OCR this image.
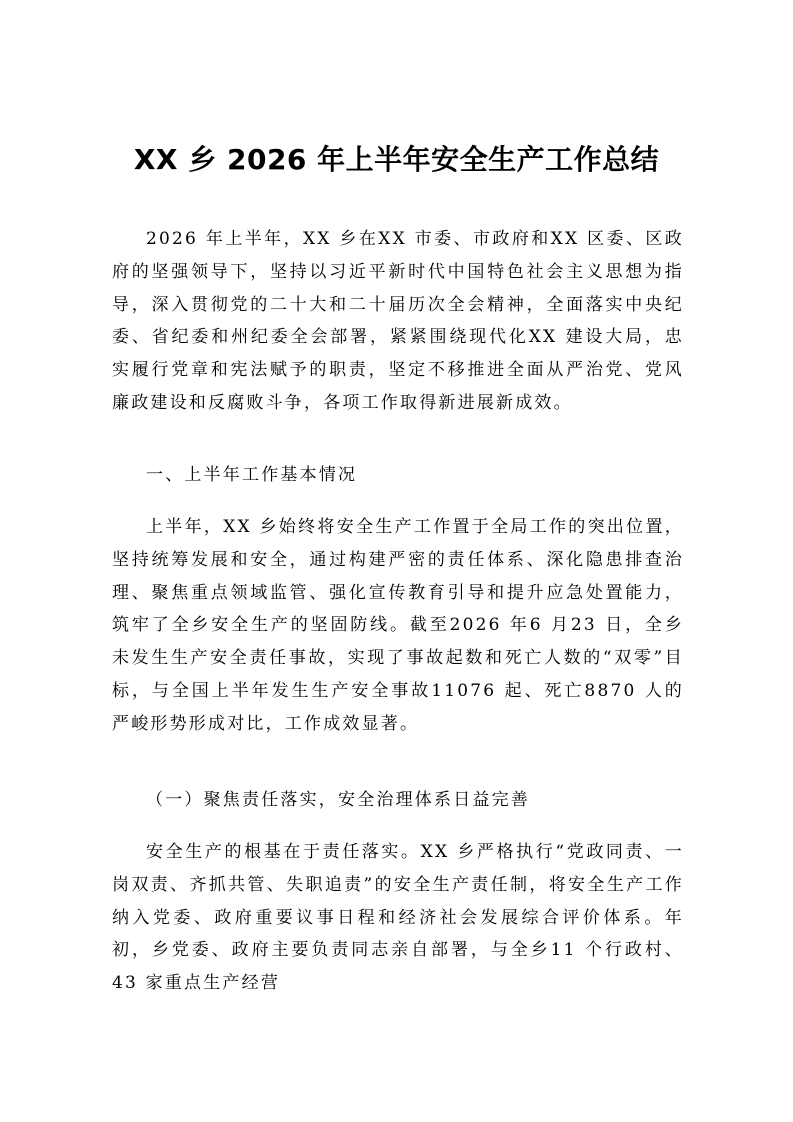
XX 乡 2026 年上半年安全生产工作总结

2026 年上半年，XX 乡在XX 市委、市政府和XX 区委、区政府的坚强领导下，坚持以习近平新时代中国特色社会主义思想为指导，深入贯彻党的二十大和二十届历次全会精神，全面落实中央纪委、省纪委和州纪委全会部署，紧紧围绕现代化XX 建设大局，忠实履行党章和宪法赋予的职责，坚定不移推进全面从严治党、党风廉政建设和反腐败斗争，各项工作取得新进展新成效。

一、上半年工作基本情况

上半年，XX 乡始终将安全生产工作置于全局工作的突出位置，坚持统筹发展和安全，通过构建严密的责任体系、深化隐患排查治理、聚焦重点领域监管、强化宣传教育引导和提升应急处置能力，筑牢了全乡安全生产的坚固防线。截至2026 年6 月23 日，全乡未发生生产安全责任事故，实现了事故起数和死亡人数的“双零”目标，与全国上半年发生生产安全事故11076 起、死亡8870 人的严峻形势形成对比，工作成效显著。

（一）聚焦责任落实，安全治理体系日益完善

安全生产的根基在于责任落实。XX 乡严格执行“党政同责、一岗双责、齐抓共管、失职追责”的安全生产责任制，将安全生产工作纳入党委、政府重要议事日程和经济社会发展综合评价体系。年初，乡党委、政府主要负责同志亲自部署，与全乡11 个行政村、43 家重点生产经营
